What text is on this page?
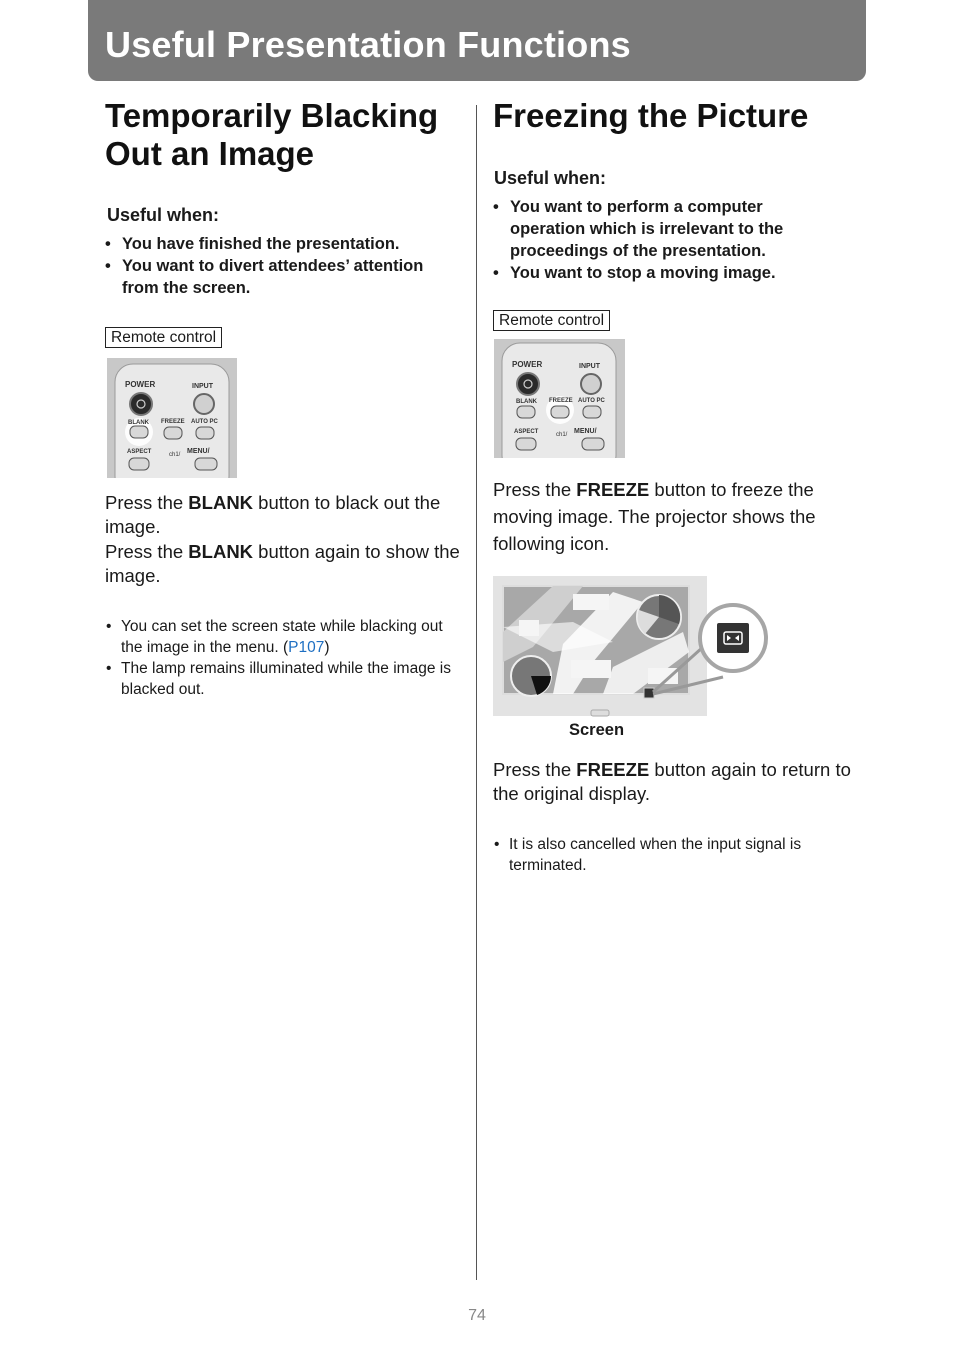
Useful Presentation Functions
Temporarily Blacking
Out an Image

Useful when:

• You have finished the presentation.
• You want to divert attendees’ attention from the screen.
Remote control
POWER	INPUT
BLANK FREEZE AUTO PC
ASPECT	ch1/ MENU/

Press the BLANK button to black out the image.

Press the BLANK button again to show the image.

• You can set the screen state while blacking out the image in the menu. (P107)
• The lamp remains illuminated while the image is blacked out.
Freezing the Picture

Useful when:

• You want to perform a computer operation which is irrelevant to the proceedings of the presentation.
• You want to stop a moving image.
Remote control
POWER	INPUT
BLANK FREEZE AUTO PC
ASPECT	ch1/ MENU/

Press the FREEZE button to freeze the moving image. The projector shows the following icon.

Screen

Press the FREEZE button again to return to the original display.

• It is also cancelled when the input signal is terminated.
74
